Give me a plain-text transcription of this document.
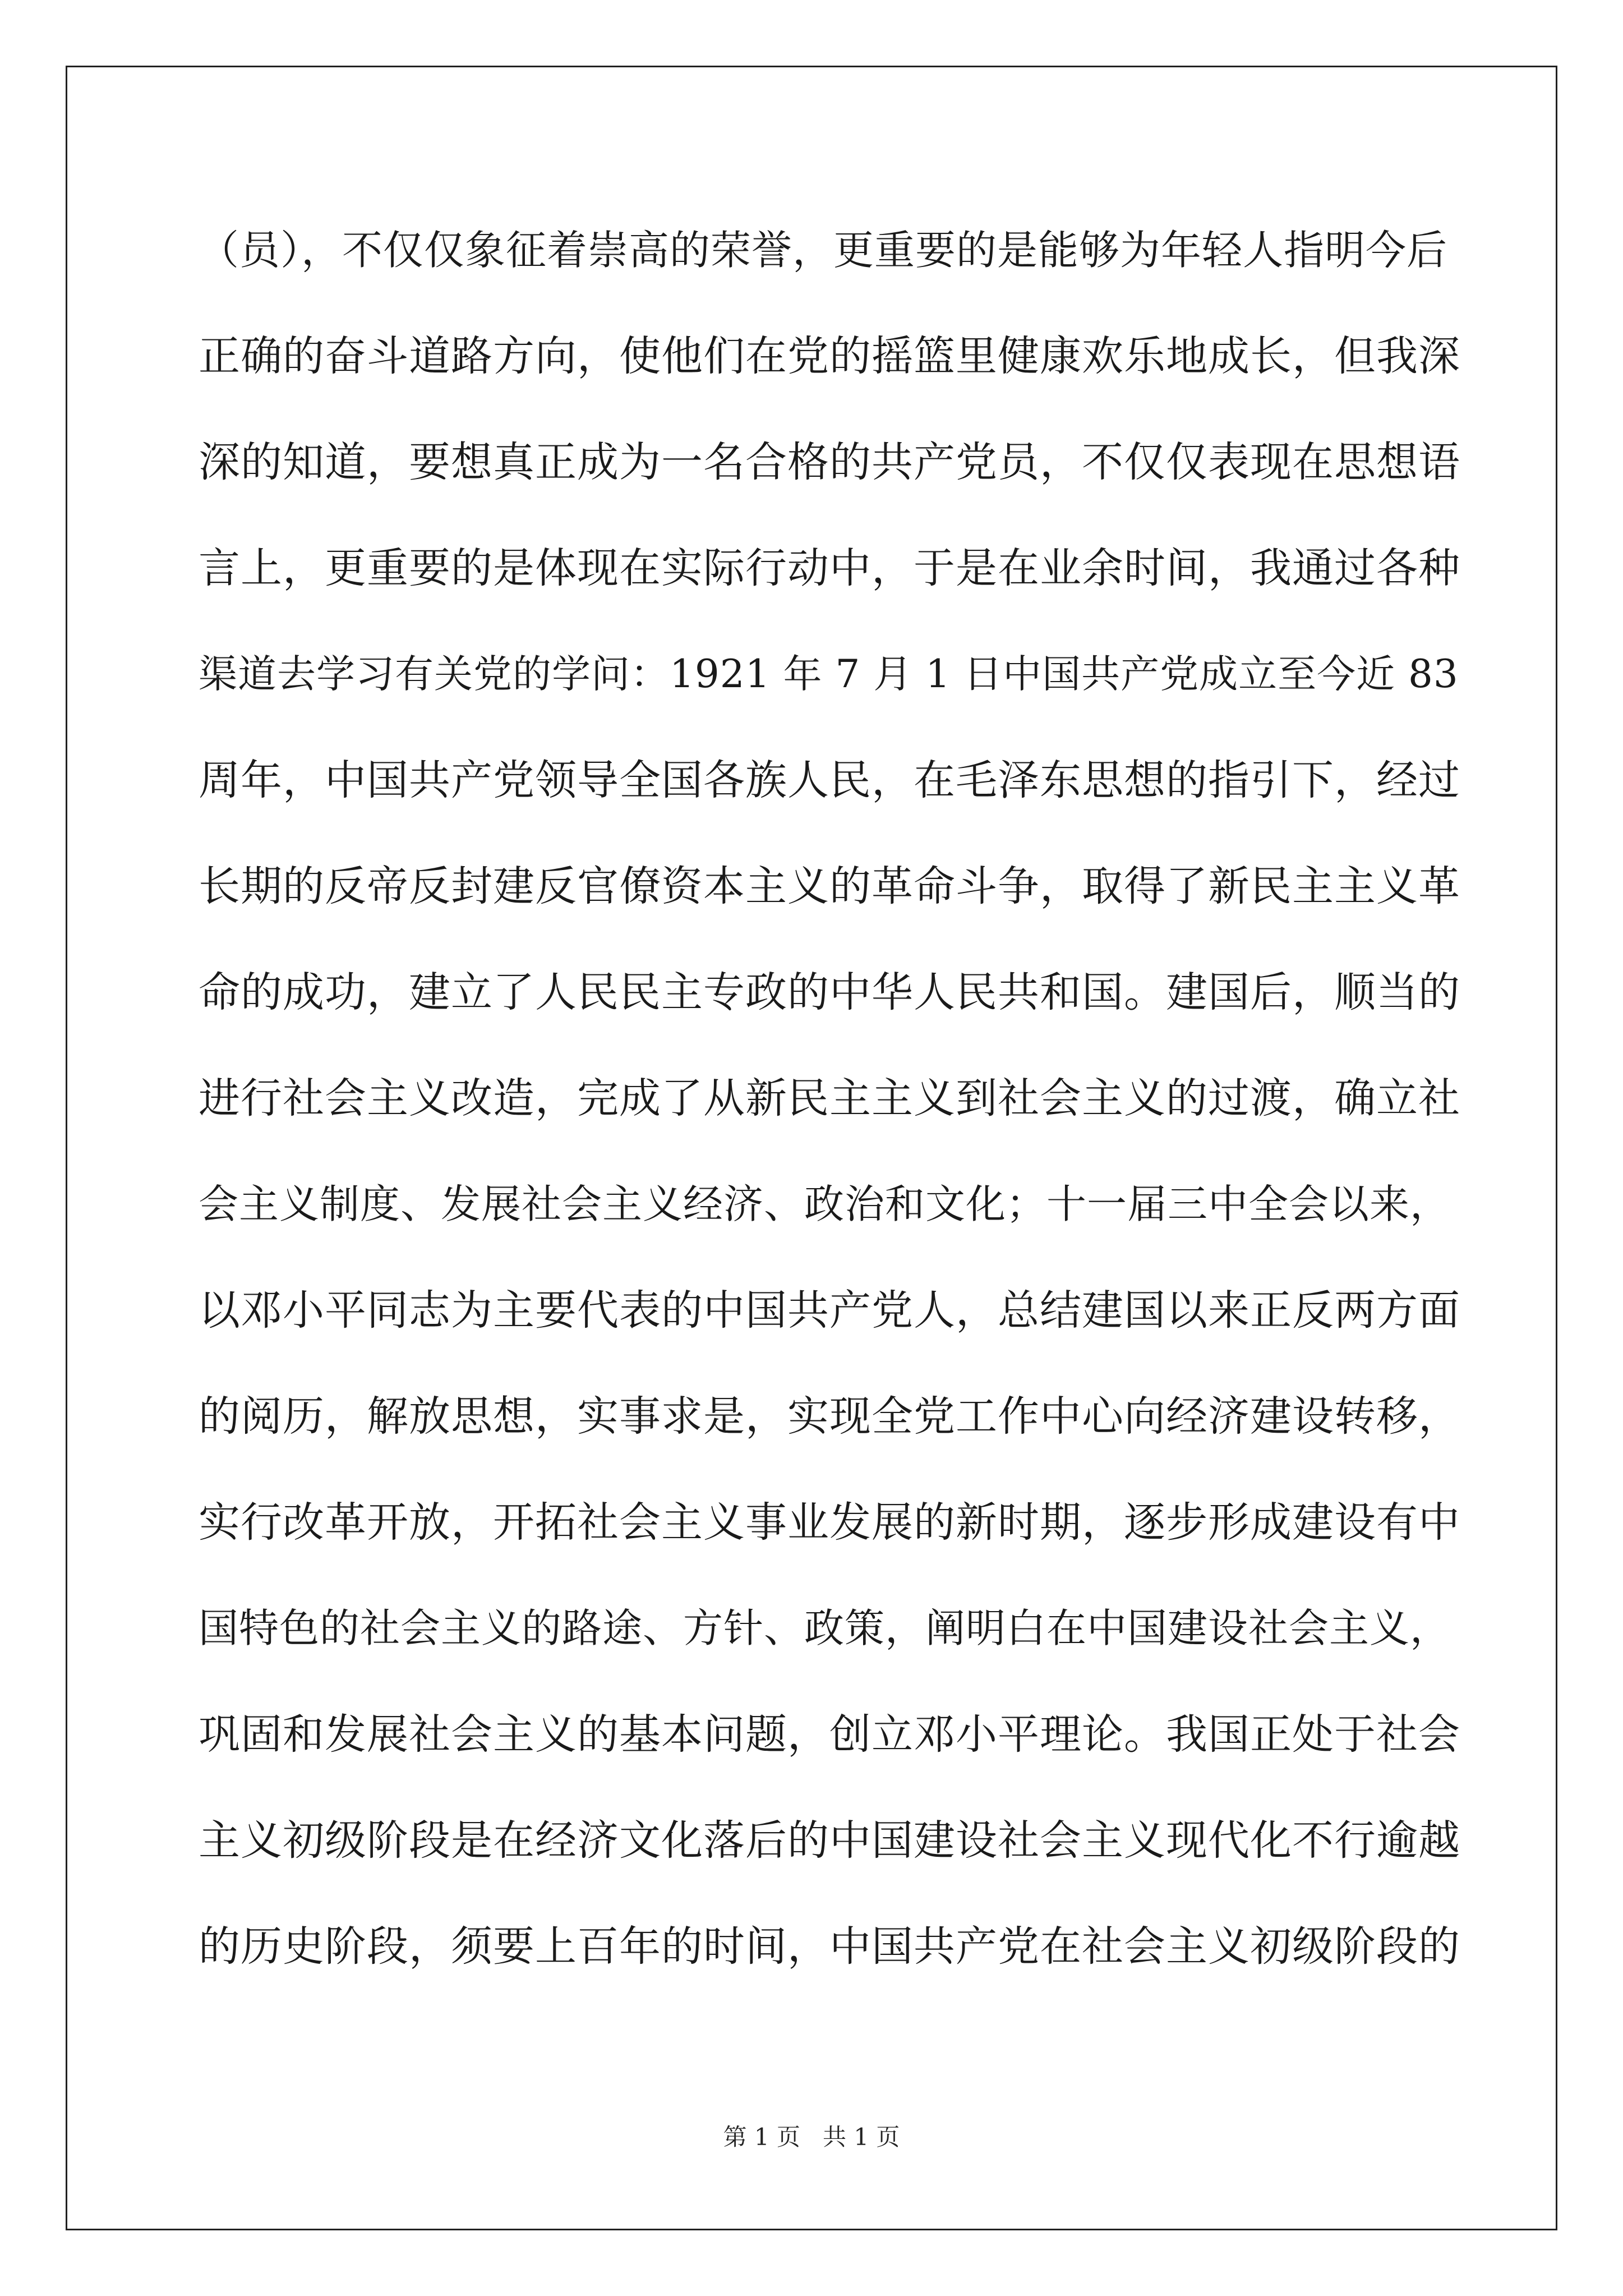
（员），不仅仅象征着崇高的荣誉，更重要的是能够为年轻人指明今后
正确的奋斗道路方向，使他们在党的摇篮里健康欢乐地成长，但我深
深的知道，要想真正成为一名合格的共产党员，不仅仅表现在思想语
言上，更重要的是体现在实际行动中，于是在业余时间，我通过各种
渠道去学习有关党的学问：1921 年 7 月 1 日中国共产党成立至今近 83
周年，中国共产党领导全国各族人民，在毛泽东思想的指引下，经过
长期的反帝反封建反官僚资本主义的革命斗争，取得了新民主主义革
命的成功，建立了人民民主专政的中华人民共和国。建国后，顺当的
进行社会主义改造，完成了从新民主主义到社会主义的过渡，确立社
会主义制度、发展社会主义经济、政治和文化；十一届三中全会以来，
以邓小平同志为主要代表的中国共产党人，总结建国以来正反两方面
的阅历，解放思想，实事求是，实现全党工作中心向经济建设转移，
实行改革开放，开拓社会主义事业发展的新时期，逐步形成建设有中
国特色的社会主义的路途、方针、政策，阐明白在中国建设社会主义，
巩固和发展社会主义的基本问题，创立邓小平理论。我国正处于社会
主义初级阶段是在经济文化落后的中国建设社会主义现代化不行逾越
的历史阶段，须要上百年的时间，中国共产党在社会主义初级阶段的
第 1 页 共 1 页
